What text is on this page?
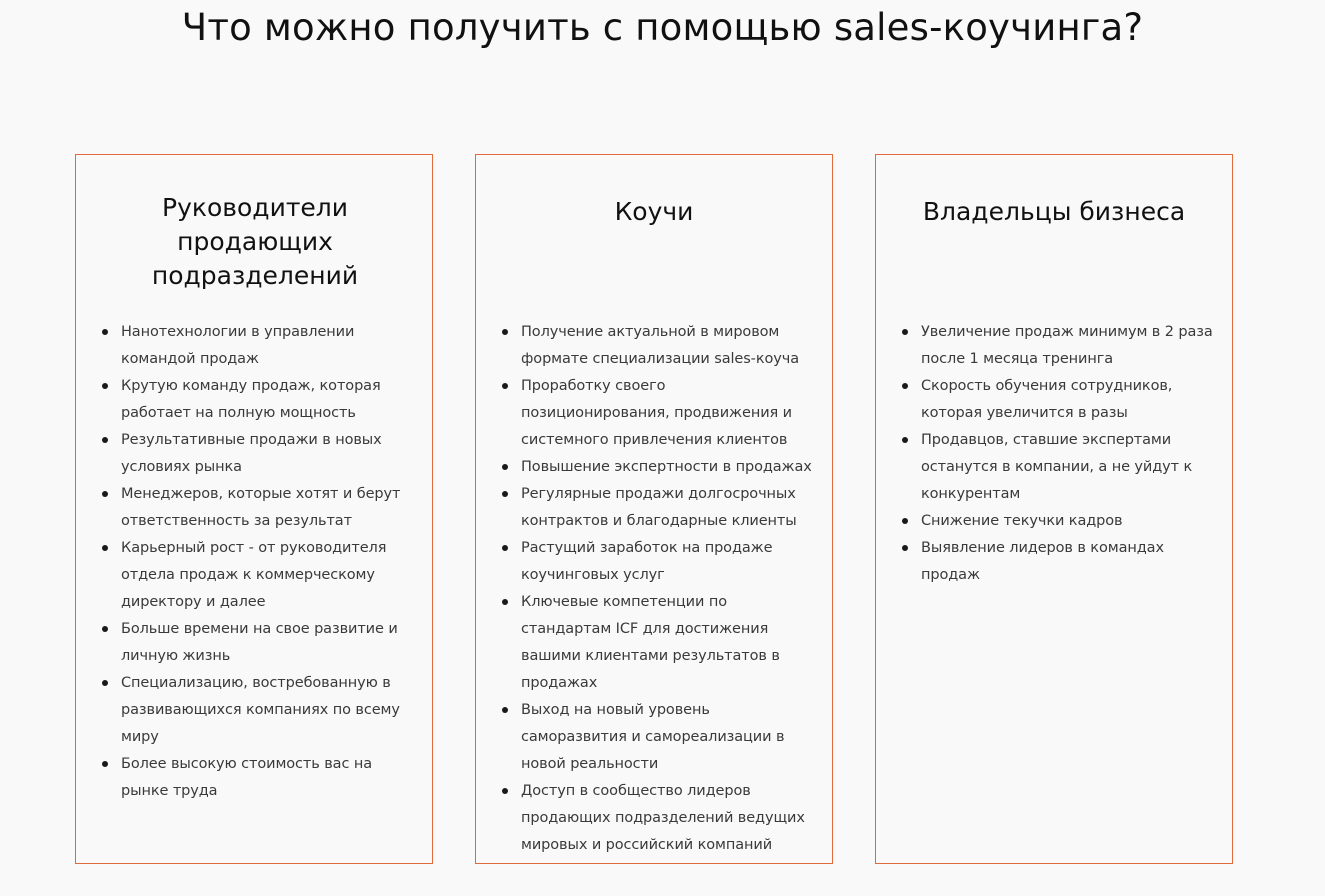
Что можно получить с помощью sales-коучинга?
Руководители продающих подразделений
Нанотехнологии в управлении командой продаж
Крутую команду продаж, которая работает на полную мощность
Результативные продажи в новых условиях рынка
Менеджеров, которые хотят и берут ответственность за результат
Карьерный рост - от руководителя отдела продаж к коммерческому директору и далее
Больше времени на свое развитие и личную жизнь
Специализацию, востребованную в развивающихся компаниях по всему миру
Более высокую стоимость вас на рынке труда
Коучи
Получение актуальной в мировом формате специализации sales-коуча
Проработку своего позиционирования, продвижения и системного привлечения клиентов
Повышение экспертности в продажах
Регулярные продажи долгосрочных контрактов и благодарные клиенты
Растущий заработок на продаже коучинговых услуг
Ключевые компетенции по стандартам ICF для достижения вашими клиентами результатов в продажах
Выход на новый уровень саморазвития и самореализации в новой реальности
Доступ в сообщество лидеров продающих подразделений ведущих мировых и российский компаний
Владельцы бизнеса
Увеличение продаж минимум в 2 раза после 1 месяца тренинга
Скорость обучения сотрудников, которая увеличится в разы
Продавцов, ставшие экспертами останутся в компании, а не уйдут к конкурентам
Снижение текучки кадров
Выявление лидеров в командах продаж
